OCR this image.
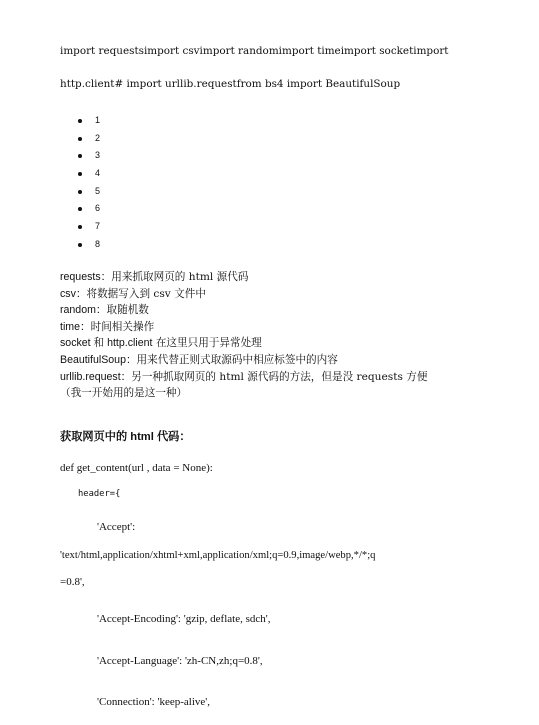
import requestsimport csvimport randomimport timeimport socketimport
http.client# import urllib.requestfrom bs4 import BeautifulSoup
1
2
3
4
5
6
7
8
requests：用来抓取网页的 html 源代码
csv：将数据写入到 csv 文件中
random：取随机数
time：时间相关操作
socket 和 http.client 在这里只用于异常处理
BeautifulSoup：用来代替正则式取源码中相应标签中的内容
urllib.request：另一种抓取网页的 html 源代码的方法，但是没 requests 方便
（我一开始用的是这一种）
获取网页中的 html 代码：
def get_content(url , data = None):
header={
'Accept':
'text/html,application/xhtml+xml,application/xml;q=0.9,image/webp,*/*;q
=0.8',
'Accept-Encoding': 'gzip, deflate, sdch',
'Accept-Language': 'zh-CN,zh;q=0.8',
'Connection': 'keep-alive',
